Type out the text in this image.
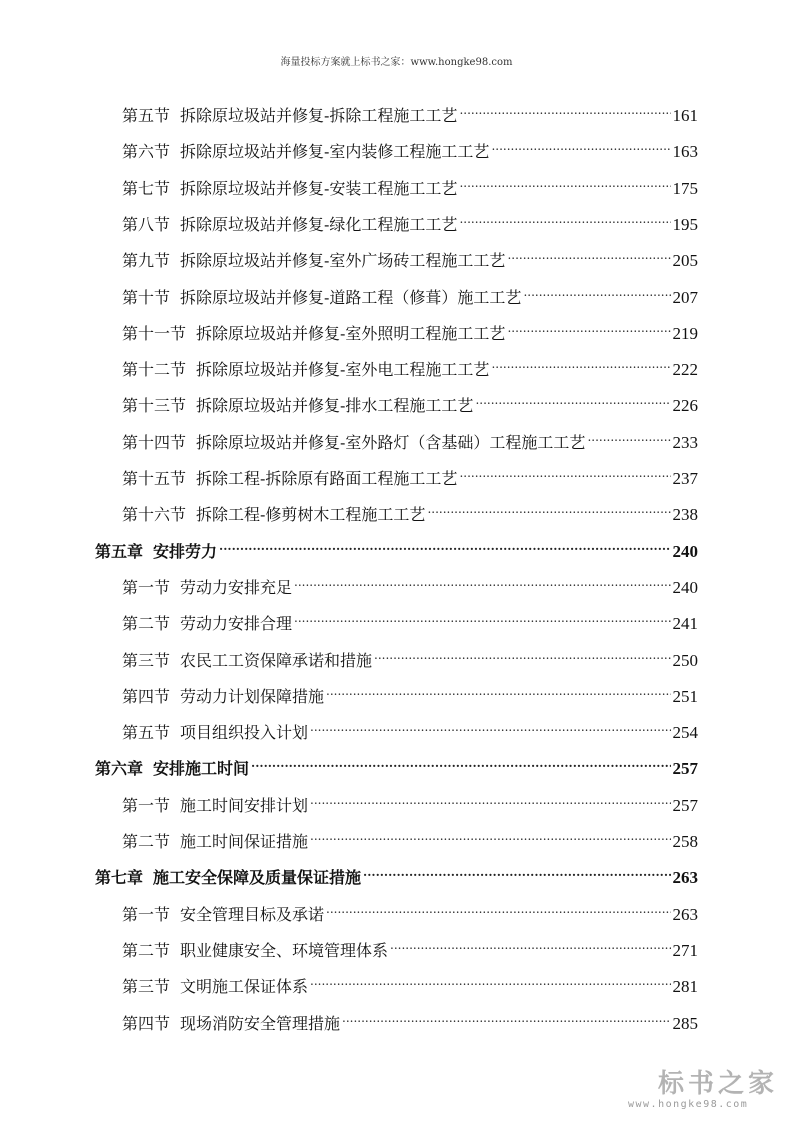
海量投标方案就上标书之家：www.hongke98.com
第五节 拆除原垃圾站并修复-拆除工程施工工艺 .....	161
第六节 拆除原垃圾站并修复-室内装修工程施工工艺 .....	163
第七节 拆除原垃圾站并修复-安装工程施工工艺 .....	175
第八节 拆除原垃圾站并修复-绿化工程施工工艺 .....	195
第九节 拆除原垃圾站并修复-室外广场砖工程施工工艺 .....	205
第十节 拆除原垃圾站并修复-道路工程（修葺）施工工艺 .....	207
第十一节 拆除原垃圾站并修复-室外照明工程施工工艺 .....	219
第十二节 拆除原垃圾站并修复-室外电工程施工工艺 .....	222
第十三节 拆除原垃圾站并修复-排水工程施工工艺 .....	226
第十四节 拆除原垃圾站并修复-室外路灯（含基础）工程施工工艺 .....	233
第十五节 拆除工程-拆除原有路面工程施工工艺 .....	237
第十六节 拆除工程-修剪树木工程施工工艺 .....	238
第五章 安排劳力 .....	240
第一节 劳动力安排充足 .....	240
第二节 劳动力安排合理 .....	241
第三节 农民工工资保障承诺和措施 .....	250
第四节 劳动力计划保障措施 .....	251
第五节 项目组织投入计划 .....	254
第六章 安排施工时间 .....	257
第一节 施工时间安排计划 .....	257
第二节 施工时间保证措施 .....	258
第七章 施工安全保障及质量保证措施 .....	263
第一节 安全管理目标及承诺 .....	263
第二节 职业健康安全、环境管理体系 .....	271
第三节 文明施工保证体系 .....	281
第四节 现场消防安全管理措施 .....	285
标书之家
www.hongke98.com
